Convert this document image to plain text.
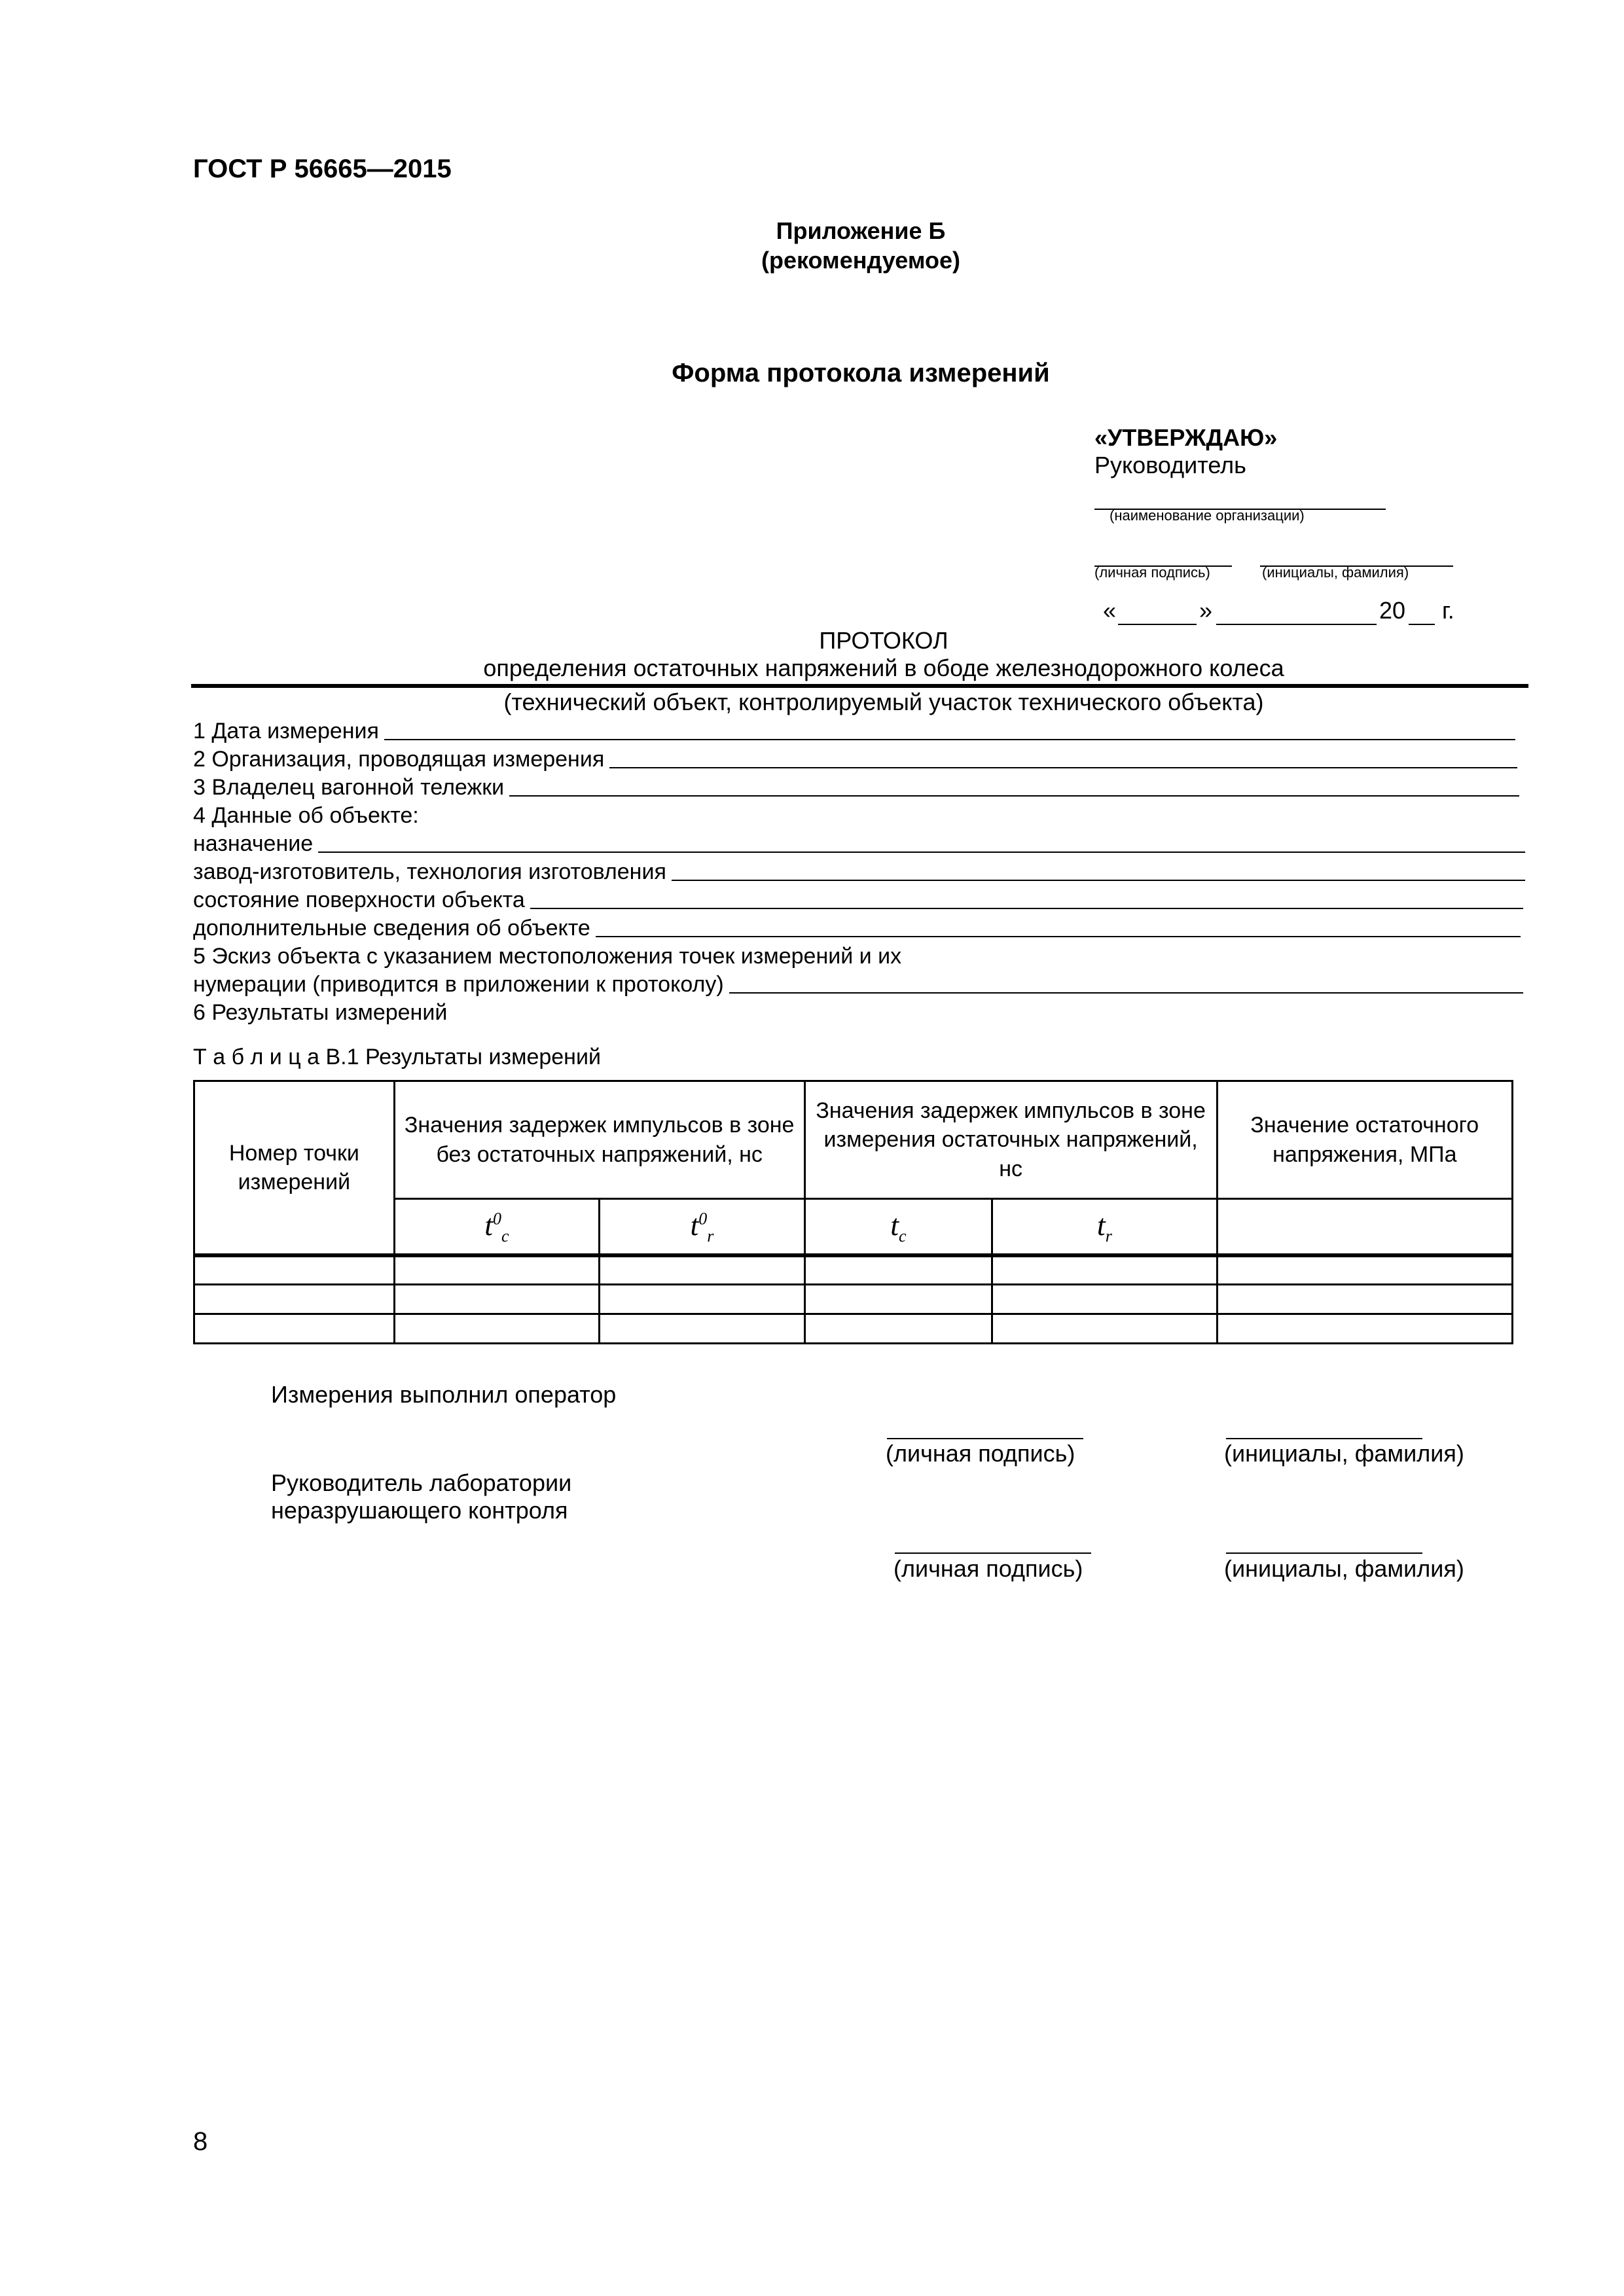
ГОСТ Р 56665—2015
Приложение Б
(рекомендуемое)
Форма протокола измерений
«УТВЕРЖДАЮ»
Руководитель
(наименование организации)
(личная подпись)	(инициалы, фамилия)
«	»	20 г.
ПРОТОКОЛ
определения остаточных напряжений в ободе железнодорожного колеса
(технический объект, контролируемый участок технического объекта)
1 Дата измерения
2 Организация, проводящая измерения
3 Владелец вагонной тележки
4 Данные об объекте:
назначение
завод-изготовитель, технология изготовления
состояние поверхности объекта
дополнительные сведения об объекте
5 Эскиз объекта с указанием местоположения точек измерений и их
нумерации (приводится в приложении к протоколу)
6 Результаты измерений
Т а б л и ц а В.1 Результаты измерений
Номер точки измерений	Значения задержек импульсов в зоне без остаточных напряжений, нс		Значения задержек импульсов в зоне измерения остаточных напряжений, нс		Значение остаточного напряжения, МПа
	$t^0_c$	$t^0_r$	$t_c$	$t_r$	

Измерения выполнил оператор
(личная подпись)	(инициалы, фамилия)
Руководитель лаборатории
неразрушающего контроля
(личная подпись)	(инициалы, фамилия)
8
